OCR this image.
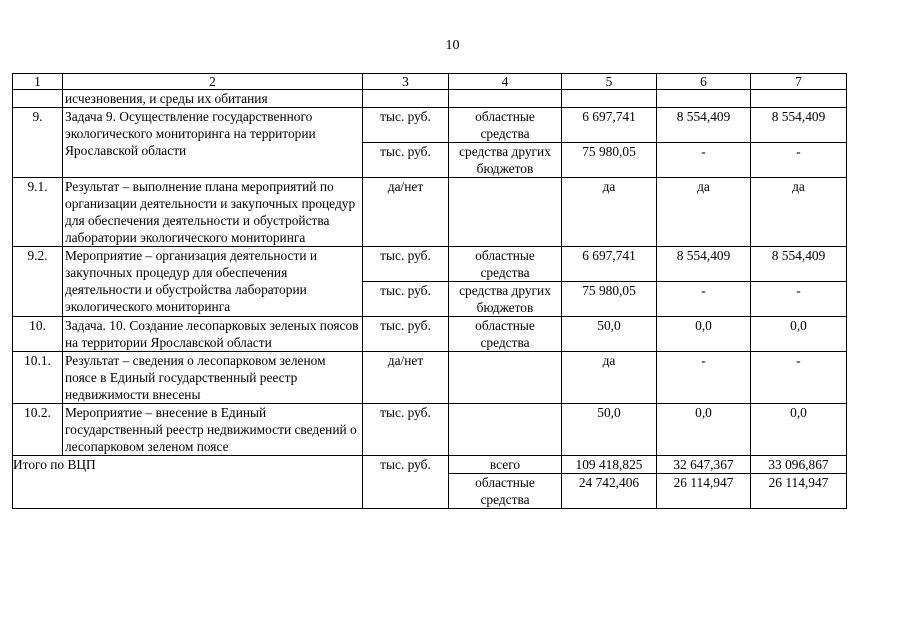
10
1	2	3	4	5	6	7
	исчезновения, и среды их обитания					
9.	Задача 9. Осуществление государственного экологического мониторинга на территории Ярославской области	тыс. руб.	областные средства	6 697,741	8 554,409	8 554,409
		тыс. руб.	средства других бюджетов	75 980,05	-	-
9.1.	Результат – выполнение плана мероприятий по организации деятельности и закупочных процедур для обеспечения деятельности и обустройства лаборатории экологического мониторинга	да/нет		да	да	да
9.2.	Мероприятие – организация деятельности и закупочных процедур для обеспечения деятельности и обустройства лаборатории экологического мониторинга	тыс. руб.	областные средства	6 697,741	8 554,409	8 554,409
		тыс. руб.	средства других бюджетов	75 980,05	-	-
10.	Задача. 10. Создание лесопарковых зеленых поясов на территории Ярославской области	тыс. руб.	областные средства	50,0	0,0	0,0
10.1.	Результат – сведения о лесопарковом зеленом поясе в Единый государственный реестр недвижимости внесены	да/нет		да	-	-
10.2.	Мероприятие – внесение в Единый государственный реестр недвижимости сведений о лесопарковом зеленом поясе	тыс. руб.		50,0	0,0	0,0
Итого по ВЦП		тыс. руб.	всего	109 418,825	32 647,367	33 096,867
			областные средства	24 742,406	26 114,947	26 114,947
